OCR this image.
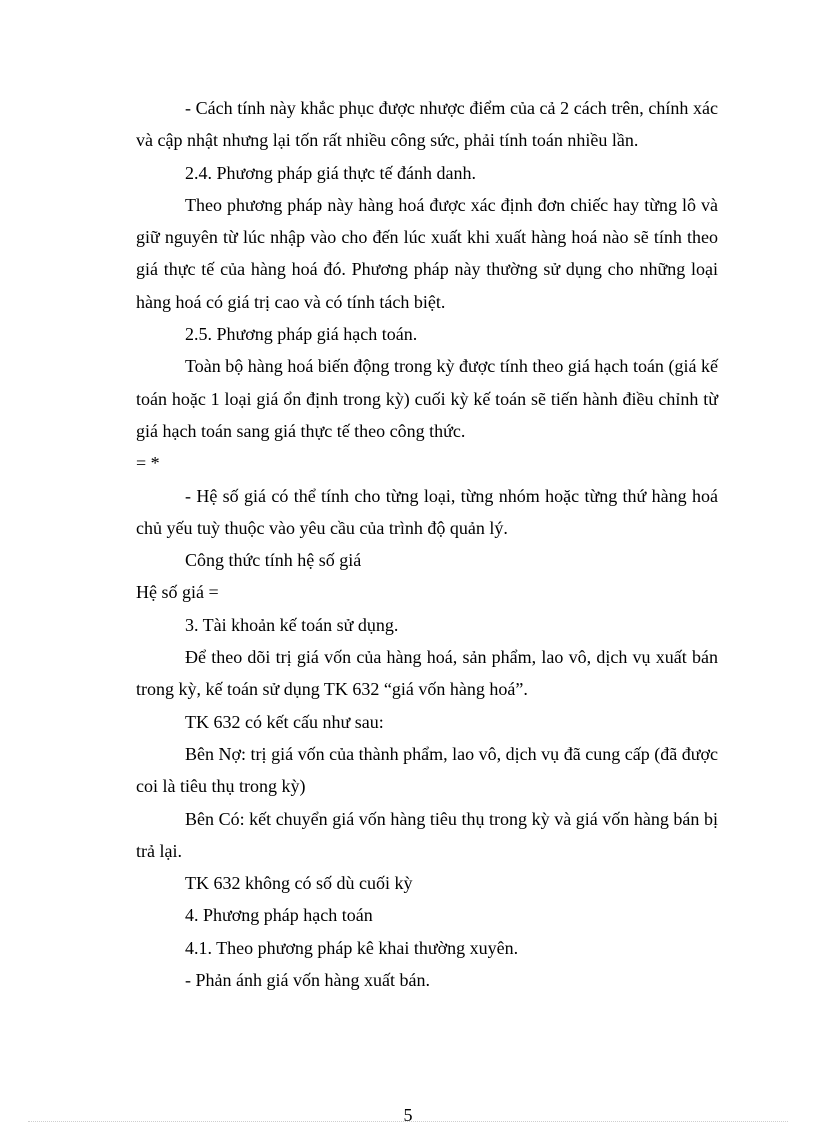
- Cách tính này khắc phục được nhược điểm của cả 2 cách trên, chính xác và cập nhật nhưng lại tốn rất nhiều công sức, phải tính toán nhiều lần.

2.4. Phương pháp giá thực tế đánh danh.

Theo phương pháp này hàng hoá được xác định đơn chiếc hay từng lô và giữ nguyên từ lúc nhập vào cho đến lúc xuất khi xuất hàng hoá nào sẽ tính theo giá thực tế của hàng hoá đó. Phương pháp này thường sử dụng cho những loại hàng hoá có giá trị cao và có tính tách biệt.

2.5. Phương pháp giá hạch toán.

Toàn bộ hàng hoá biến động trong kỳ được tính theo giá hạch toán (giá kế toán hoặc 1 loại giá ổn định trong kỳ) cuối kỳ kế toán sẽ tiến hành điều chỉnh từ giá hạch toán sang giá thực tế theo công thức.

= *

- Hệ số giá có thể tính cho từng loại, từng nhóm hoặc từng thứ hàng hoá chủ yếu tuỳ thuộc vào yêu cầu của trình độ quản lý.

Công thức tính hệ số giá

Hệ số giá =

3. Tài khoản kế toán sử dụng.

Để theo dõi trị giá vốn của hàng hoá, sản phẩm, lao vô, dịch vụ xuất bán trong kỳ, kế toán sử dụng TK 632 “giá vốn hàng hoá”.

TK 632 có kết cấu như sau:

Bên Nợ: trị giá vốn của thành phẩm, lao vô, dịch vụ đã cung cấp (đã được coi là tiêu thụ trong kỳ)

Bên Có: kết chuyển giá vốn hàng tiêu thụ trong kỳ và giá vốn hàng bán bị trả lại.

TK 632 không có số dù cuối kỳ

4. Phương pháp hạch toán

4.1. Theo phương pháp kê khai thường xuyên.

- Phản ánh giá vốn hàng xuất bán.

5
